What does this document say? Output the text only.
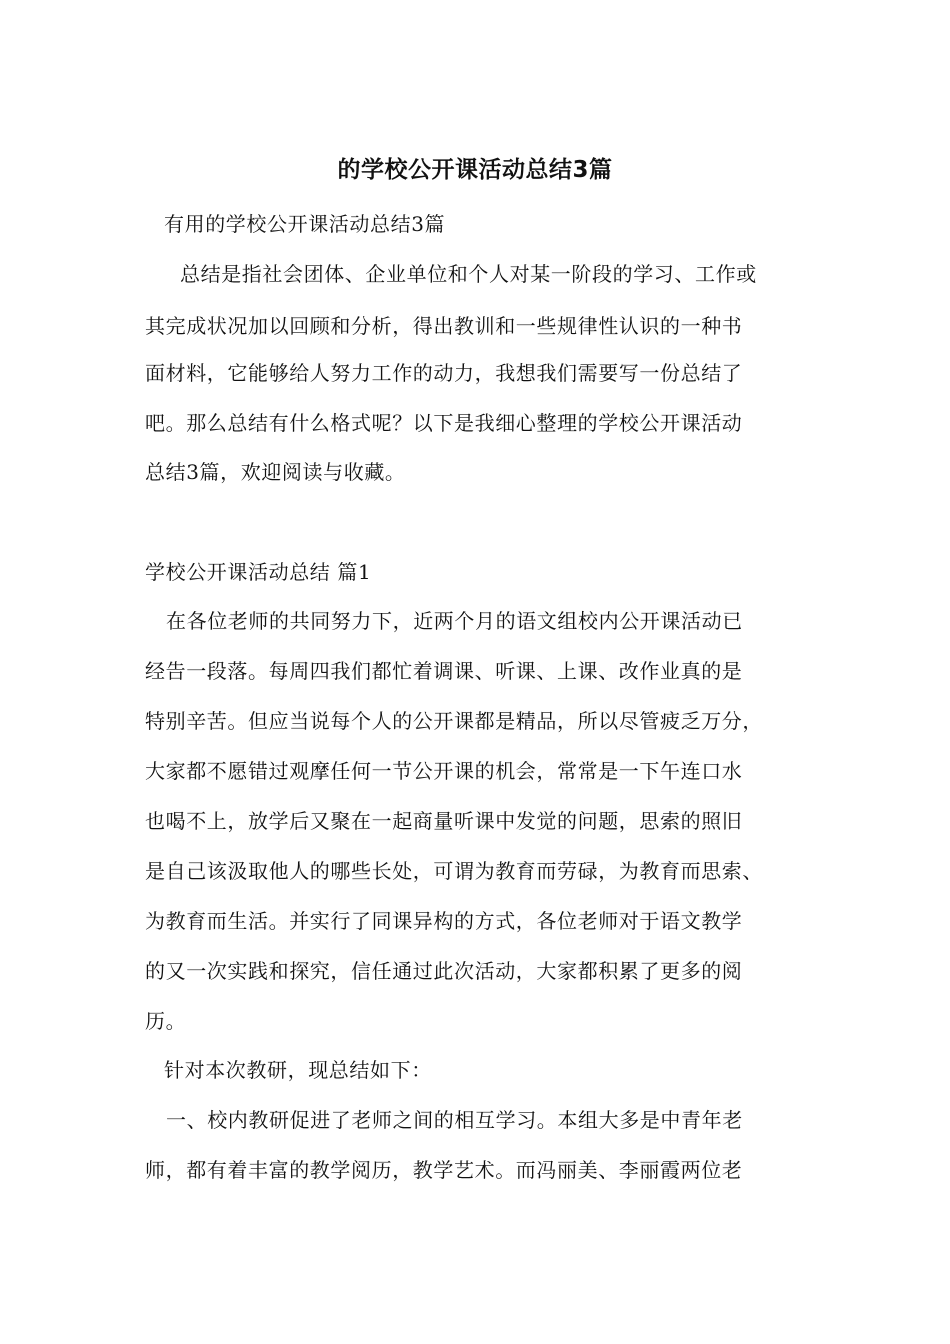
的学校公开课活动总结3篇
有用的学校公开课活动总结3篇
总结是指社会团体、企业单位和个人对某一阶段的学习、工作或
其完成状况加以回顾和分析，得出教训和一些规律性认识的一种书
面材料，它能够给人努力工作的动力，我想我们需要写一份总结了
吧。那么总结有什么格式呢？以下是我细心整理的学校公开课活动
总结3篇，欢迎阅读与收藏。
学校公开课活动总结 篇1
在各位老师的共同努力下，近两个月的语文组校内公开课活动已
经告一段落。每周四我们都忙着调课、听课、上课、改作业真的是
特别辛苦。但应当说每个人的公开课都是精品，所以尽管疲乏万分，
大家都不愿错过观摩任何一节公开课的机会，常常是一下午连口水
也喝不上，放学后又聚在一起商量听课中发觉的问题，思索的照旧
是自己该汲取他人的哪些长处，可谓为教育而劳碌，为教育而思索、
为教育而生活。并实行了同课异构的方式，各位老师对于语文教学
的又一次实践和探究，信任通过此次活动，大家都积累了更多的阅
历。
针对本次教研，现总结如下：
一、校内教研促进了老师之间的相互学习。本组大多是中青年老
师，都有着丰富的教学阅历，教学艺术。而冯丽美、李丽霞两位老
